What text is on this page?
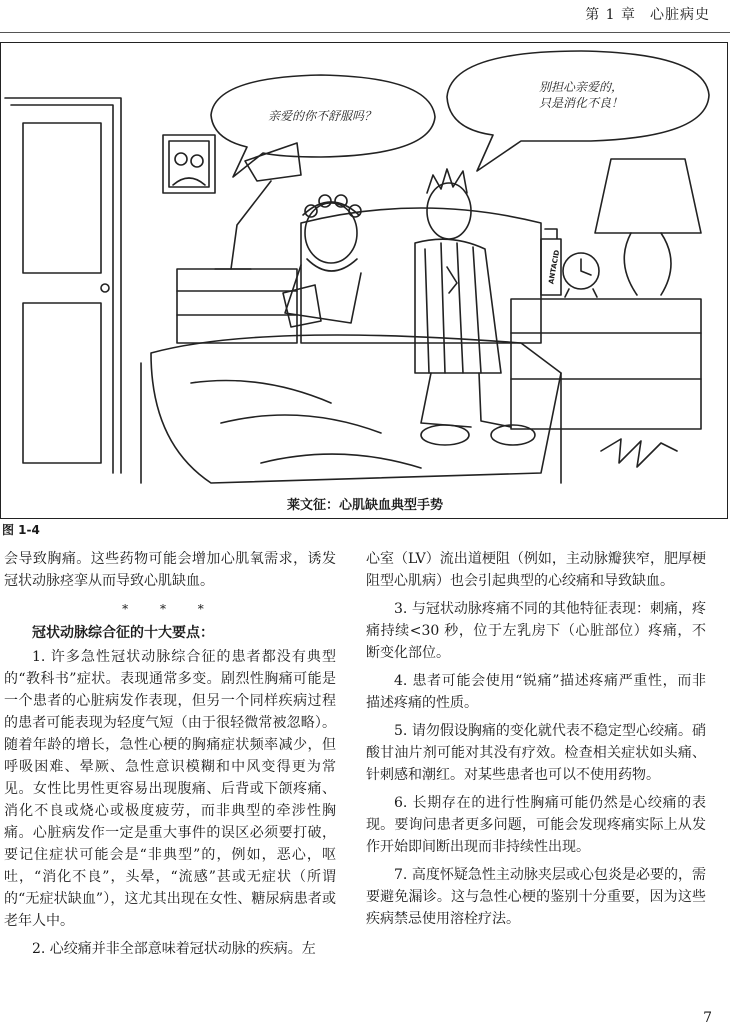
第 1 章 心脏病史
亲爱的你不舒服吗？
别担心亲爱的，
只是消化不良！
ANTACID
莱文征：心肌缺血典型手势
图 1-4

会导致胸痛。这些药物可能会增加心肌氧需求，诱发冠状动脉痉挛从而导致心肌缺血。

* * *
冠状动脉综合征的十大要点：

1. 许多急性冠状动脉综合征的患者都没有典型的“教科书”症状。表现通常多变。剧烈性胸痛可能是一个患者的心脏病发作表现，但另一个同样疾病过程的患者可能表现为轻度气短（由于很轻微常被忽略）。随着年龄的增长，急性心梗的胸痛症状频率减少，但呼吸困难、晕厥、急性意识模糊和中风变得更为常见。女性比男性更容易出现腹痛、后背或下颌疼痛、消化不良或烧心或极度疲劳，而非典型的牵涉性胸痛。心脏病发作一定是重大事件的误区必须要打破，要记住症状可能会是“非典型”的，例如，恶心，呕吐，“消化不良”，头晕，“流感”甚或无症状（所谓的“无症状缺血”），这尤其出现在女性、糖尿病患者或老年人中。

2. 心绞痛并非全部意味着冠状动脉的疾病。左

心室（LV）流出道梗阻（例如，主动脉瓣狭窄，肥厚梗阻型心肌病）也会引起典型的心绞痛和导致缺血。

3. 与冠状动脉疼痛不同的其他特征表现：刺痛，疼痛持续<30 秒，位于左乳房下（心脏部位）疼痛，不断变化部位。

4. 患者可能会使用“锐痛”描述疼痛严重性，而非描述疼痛的性质。

5. 请勿假设胸痛的变化就代表不稳定型心绞痛。硝酸甘油片剂可能对其没有疗效。检查相关症状如头痛、针刺感和潮红。对某些患者也可以不使用药物。

6. 长期存在的进行性胸痛可能仍然是心绞痛的表现。要询问患者更多问题，可能会发现疼痛实际上从发作开始即间断出现而非持续性出现。

7. 高度怀疑急性主动脉夹层或心包炎是必要的，需要避免漏诊。这与急性心梗的鉴别十分重要，因为这些疾病禁忌使用溶栓疗法。

7
